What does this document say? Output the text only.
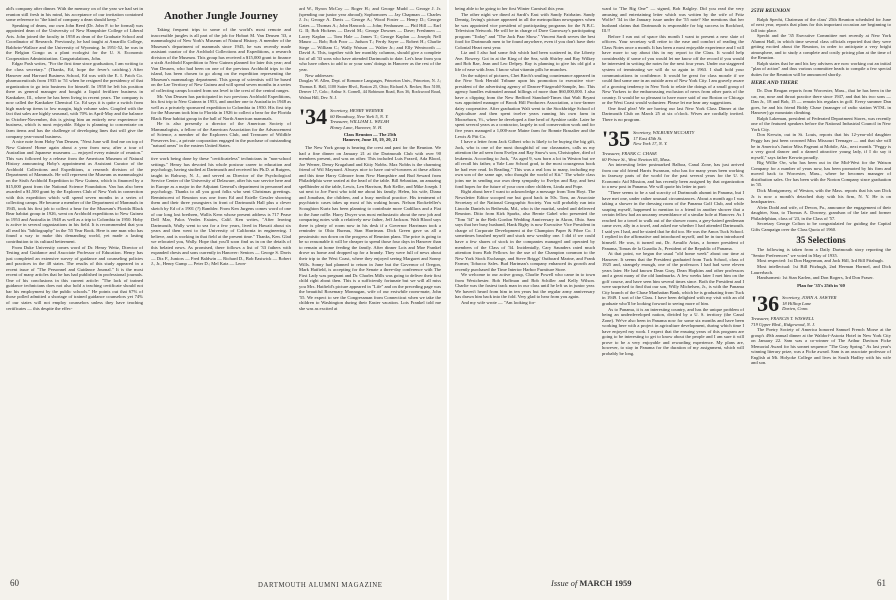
ald's company after dinner. With the memory on of the year we had set in reunion still fresh in his mind, his acceptance of our invitation contained some reference to "the kind of company a dean should keep."

Speaking of deans, our own John Reed (Dr. John F. to be formal) was appointed dean of the University of New Hampshire College of Liberal Arts. John joined the faculty in 1958 as dean of the Graduate School and Coordinator of Research. Previously, he had taught at Amarillo College, Baldwin-Wallace and the University of Wyoming. In 1951-52, he was in the Belgian Congo as a plant ecologist for the U. S. Economic Cooperation Administration. Congratulations, John.

Edgar Pash writes, "For the first time since graduation, I am writing to the class secretary." (Thanks, Ed, hope the fever's catching.) After Hanover and Harvard Business School, Ed was with the E. I. Patch Co. pharmaceuticals from 1935 to '51 when he resigned the presidency of that organization to go into business for himself. In 1958 he left his position there as general manager and bought a liquid fertilizer business in Kankakee, Ill., where he has been living in recent years. The company is now called the Kankakee Chemical Co. Ed says it is quite a switch from high mark-up items to low margin, high volume sales. Coupled with the fact that sales are highly seasonal, with 70% in April-May and the balance in October-November, this is giving him an entirely new experience in business, which is most enjoyable. Edgar is planning to concentrate on farm items and has the challenge of developing lines that will give the company year-round business.

A nice note from Hoby Van Deusen, "Next June will find me on top of New Guinea! Home again about a year from now, after a tour of Australian and Japanese museums — enjoyed every minute of reunion." This was followed by a release from the American Museum of Natural History announcing Hoby's appointment as Assistant Curator of the Archbold Collections and Expeditions, a research division of the Department of Mammals. He will represent the Museum as mammalogist on the Sixth Archbold Expedition to New Guinea, which is financed by a $15,000 grant from the National Science Foundation. Van has also been awarded a $1,500 grant by the Explorers Club of New York in connection with this expedition which will spend seven months in a series of collecting camps. He became a member of the Department of Mammals in 1945, took his first job to collect a bear for the Museum's Florida Black Bear habitat group in 1926, went on Archbold expeditions to New Guinea in 1953 and Australia in 1948 as well as a trip to Colombia in 1950. Hoby is active in several organizations in his field. It is recommended that you all read his "bibliography" in the '55 Year Book. Here is one man who has found a way to make this demanding world, yet made a lasting contribution to its cultural betterment.

From Duke University comes word of Dr. Henry Weitz, Director of Testing and Guidance and Associate Professor of Education. Henry has just completed an extensive survey of guidance and counseling policies and practices in the 48 states. The results of this study appeared in a recent issue of "The Personnel and Guidance Journal." It is the most recent of many articles that he has had published in professional journals. One of his conclusions in this current article: "The lack of trained guidance technicians does not also hold a teaching certificate should not bar his employment by the public schools." He points out that 67% of those polled admitted a shortage of trained guidance counselors yet 74% of our states will not employ counselors unless they have teaching certificates — this despite the effec-

Another Jungle Journey

Taking frequent trips to some of the world's most remote and inaccessible jungles is all part of the job for Hobart M. Van Deusen '33, a mammalogist of New York's Museum of Natural History. A member of the Museum's department of mammals since 1945, he was recently made assistant curator of the Archbold Collections and Expeditions, a research division of the Museum. This group has received a $15,000 grant to finance a sixth Archbold Expedition to New Guinea planned for later this year; and Van Deusen, who had been on one of the previous Archbold trips to the island, has been chosen to go along on the expedition representing the Museum's mammalogy department. This group of scientists will be based on the Lae Territory of New Guinea and will spend seven months in a series of collecting camps located from sea level to the crest of the central ranges.

Mr. Van Deusen has participated in two previous Archbold Expeditions, his first trip to New Guinea in 1953, and another one to Australia in 1948 as well as a privately sponsored expedition to Colombia in 1950. His first trip for the Museum took him to Florida in 1926 to collect a bear for the Florida Black Bear habitat group in the hall of North American mammals.

He is also presently a director of the American Society of Mammalogists, a fellow of the American Association for the Advancement of Science, a member of the Explorers Club, and Treasurer of Wildlife Preserves Inc., a private corporation engaged in the purchase of outstanding "natural areas" in the eastern United States.

tive work being done by these "certificateless" technicians in "non-school settings." Henry has devoted his whole postwar career to education and psychology, having studied at Dartmouth and received his Ph.D. at Rutgers, taught in Rahway, N. J., and served as Director of the Psychological Service Center of the University of Delaware, after his war service here and in Europe as a major in the Adjutant General's department in personnel and psychology. Thanks to all you good folks who sent Christmas greetings. Reminiscent of Reunion was one from Ed and Estelle Gessler showing them and their three youngsters in front of Dartmouth Hall plus a clever sketch by Ed of a 1901 (?) Rambler. From Ken Jurgens comes word of one of our long lost brethren, Wallis Kern whose present address is 717 Pease Dell Mar, Palos Verdes Estates, Calif. Ken writes, "After leaving Dartmouth, Wally went to sea for a few years, lived in Hawaii about six years and then went to the University of California in engineering. I believe, and is working in that field at the present time." Thanks, Ken. Glad we relocated you, Wally. Hope that you'll soon find us in on the details of this belated news. As promised, there follows a list of '33 fathers with expanded chests and sons currently in Hanover: Seniors — George S. Davis — Dix F., Juniors — Fred Baldwin — Richard D., Bob Eastwick — Robert J., Jr., Henry Gump — Peter D.; Mel Katz — Leon-

ard W., Byron McCoy — Roger H.; and George Mudd — George J. Jr. (spending our junior year abroad); Sophomores — Jay Chapman — Charles J. Jr.; George A. Davis — George A.; Wood Foster — Henry D.; George Gates — Thomas A.; John Hancock — John; Fenhausen — Phil Hill — Earl G. II; Bob Hickens — David M.; George Downes — Dave; Freshmen — Lacey Kaplan — Tom Hale — James T.; George Kaplan — Joseph; Nell Mauro — Bob; Bob Poor — Judson T.; Ferdy Sayre — Robert H.; Charlie Stege — William C.; Wally Watson — Walter Jr.; and Elly Wentworth — David A. This, together with her monthly columns, should give a complete list of all '33 sons who have attended Dartmouth to date. Let's hear from you who have others to add to or your sons' doings in Hanover as the rest of the year.

New addresses:

Douglas W. Allen, Dept. of Romance Languages, Princeton Univ., Princeton, N. J.; Thomas E. Hall, 1100 Sutter Blvd., Boston 25, Ohio; Richard A. Recker, Box 5100, Denver 17, Colo.; Arthur S. Cornell, 44 Robinson Road, Box 36, Rockwood Road, Walnut Hill, Dev. N. J.

'34 Secretary, HENRY WERNER
60 Broadway, New York 5, N. Y.
Treasurer, WILLIAM L. WELSH
Honey Lane, Hanover, N. H.
Class Reunion — The 25th
Hanover, June 18, 19, 20, 21

The New York group is bearing the crest and pant for the Reunion. We had a fine dinner on January 21 at the Dartmouth Club with over 90 members present, and was on other. This included Luis Fraxeil, Ada Blood, Joe Werner, Denry Kragalund and Kitty Nobbs. Max Nobbs is the charming friend of Wil Maynard. Always nice to have out-of-towners at these affairs and this time Harry Gilmore from New Hampshire and Bud Seward from Philadelphia were seated at the head of the table. Bill Sebastian, an amazing spellbinder at the table, Lewis, Len Harrison, Bob Kellie, and Mike Joseph. I sat next to Joe Furst who told me about his family. Helen, his wife, Diana and Jonathan, the children, and a busy medical practice. His treatment of psychiatric cases takes up most of his waking hours. Nelson Rockefeller's Scoughton Kurtz has been planning to contribute more Cadillacs and a Fiat to the June raffle. Harry Dwyer was most enthusiastic about the new job and comparing notes with a relatively new father, Jeff Jackson. Walt Blood says there is plenty of room now in his desk if a Governor Harriman took a reminder to Ohio Bureau, Stan Harriman. Dick Green gave us all a pessimistic run down on the progress of Reunion plans. The price is going to be so reasonable it will be cheaper to spend those four days in Hanover than to remain at home feeding the family. After dinner Lois and Moe Frankel drove us home and dropped up for a brandy. They were full of news about their trip to the West Coast, where they enjoyed seeing Margaret and Sonny Wills. Sonny had planned to return in June but the Governor of Oregon, Mark Hatfield, is accepting for the Senate a three-day conference with The First Lady was pregnant and Dr. Charles Mills was going to deliver their first child right about then. This is a sufficiently fortunate but we will all miss you Mrs. Hatfield's picture appeared in "Life" and on the preceding page was the beautiful Rosemary Monnagan, wife of our erstwhile room-mate, John '55. We expect to see the Congressman from Connecticut when we take the children to Washington during their Easter vacation. Lois Frankel told me she was as excited at

60	DARTMOUTH ALUMNI MAGAZINE

being able to be going to her first Winter Carnival this year.

The other night we dined at Sardi's East with Sandy Fairbairn. Sandy Dennig, Irving's picture appeared in all the metropolitan newspapers when he was appointed vice president of participating programs for the N.B.C. Television Network. He will be in charge of Dave Garroway's participating program "Today" and "The Jack Paar Show." Vincent Sardi serves the best food for Dartmouth men to be found anywhere, even if you don't have their Colonial Heart next year.

Liz and I also had some fish which had been scattered in, the Liberty Ave. Bowery. Got in at the King of the Sea, with Shirley and Ray Wilkey and Bob Rae, Jean and Leo Delpey. Ray is planning to give his old girl a life of ease with Jean. I know what vitamin pills he munches.

On the subject of pictures, Chet Birch's smiling countenance appeared in the New York Herald Tribune upon his promotion to executive vice-president of the advertising agency of Dancer-Fitzgerald-Sample, Inc. This agency handles estimated annual billings of more than $60,000,000. I also have a clipping from the New Bedford Standard-Times that Walt Bryant was appointed manager of Brook Hill Producers Association, a two-farmer dairy cooperative. After graduation Walt went to the Stockbridge School of Agriculture and then spent twelve years running his own farm in Moosehorn, Vt., where he developed a fine herd of Ayrshire cattle. Later he spent several years as a contractor, largely in soil conservation work and for five years managed a 1,000-acre Maine farm for Bonnie Brasalier and the Lewis & Pitt Co.

I have a letter from Jack Gilbert who is likely to be buying the big gift, Jack, who is one of the most thoughtful of our classmates, calls us my attention the ad seen from Evelyn and Ray Snow's son, Christopher, died of leukemia. According to Jack, "As aged 9, was born a lot in Weston but we all recall his father, a Yale Law School grad, to the most courageous book he had ever read. In Reading." This was a real loss to many, including my own son of the same age, who thought the world of Kit." The whole class joins me in sending our own deep sympathy to Evelyn and Ray, and best fond hopes for the future of your own other children, Linda and Pope.

Right about here I want to acknowledge a message from Tom Hoyt. The Newsletter Editor scooped me but good back in 50s. Tom, an Associate Secretary of the National Geographic Society. You will probably run into Lincoln Daniels in Bethesda, Md., who is the marital, sealed and delivered Reunion. Ditto from Kirk Sparks, also Bernie Gabel who presented the "Tom '34" in the Beth Gordon Wedding Anniversary in Akron, Ohio. Sam says that her busy husband, Hank Rigby is now Executive Vice President in charge of Corporate Development at the Champion Paper & Fibre Co. I sometimes brushed myself and stuck new wealthy one. I did if we could have a few shares of stock in the companies managed and operated by members of the Class of '34. Incidentally, Cary Saunders rated much attention from Bob Fellows for the use of the Champion common to the New York Stock Exchange, and Steve Briggs' Outboard Marine, and Frank Farmer, Tobacco Sales. Bud Hartman's company enhanced its growth and recently purchased the Time Interior Harbor Furniture Store.

We welcome to our active group, Charlie Powell who came in to town from Westchester. Bob Hoffman and Bob Schiller and Kelly Wilson. Charlie was the fastest track man in our class until he left us in junior year. We haven't heard from him in ten years but the regular army anniversary has drawn him back into the fold. Very glad to hear from you again.

And my wife wrote — "Am looking for-

ward to 'The Big One'" — signed, Bob Balgley. Did you read the very amusing and entertaining letter which was written by the wife of Fritz Wolfe? '34 in the January issue under the '55 note? She mentions that her husband claims that Dartmouth is responsible for big success in Rockford, Ill.!!

Before I run out of space this month I want to present a new slate of officers. Your secretary will retire to the ease and comfort of reading the Class Notes once a month. It has been a most enjoyable experience and I will have more to say about this in my report to the Class. It would help considerably if some of you would let me know off the record if you would be interested in writing the notes for the next four years. Under our staggered system of terminating we will do so again in 1963. I shall hold your communications in confidence. It would be great for class morale if we could find some one in an outside area of New York City. I am gravely aware of a growing tendency in New York to relate the doings of a small group of New Yorkers to the embarrassing exclusion of news from other parts of the country. It would be so pleasant to have more said of our Boston or Chicago or the West Coast would volunteer. Please let me hear any suggestions.

One final plea! We are having our last New York Class Dinner at the Dartmouth Club on March 25 at six o'clock. Wives are cordially invited. There is no program.

'35 Secretary, WILBURN MCCARTY
17 East 45th St.
New York 17, N. Y.
Treasurer, FRANK C. CHASE
60 Prince St., West Newton 65, Mass.

An interesting letter postmarked Balboa, Canal Zone, has just arrived from our old friend Harris Swanson, who has for many years been working in faraway parts of the world for the past several years for the U. S. Economic Aid Mission, and has recently been assigned by that organization to a new post in Panama. We will quote his letter in part:

"There seems to be a sad scarcity of Dartmouth alumni in Panama, but I have met one, under rather unusual circumstances. About a month ago I was taking a shower in the dressing room of the Panama Golf Club, and while soaping myself, happened to mention to a friend in another shower that a certain fellow had an uncanny resemblance of a similar hole at Hanover. As I reached for a towel to walk out of the shower room, a grey-haired gentleman came over, ally in a towel, and asked me whether I had attended Dartmouth. I said yes I had, and he stated that he did too. He was the Amos Tuck School. I replied in the affirmative and introduced myself, and he in turn introduced himself. He was, it turned out, Dr. Arnulfo Arias, a former president of Panama, Tomas de la Guardia Jr., President of the Republic of Panama.

At that point, we began the usual "old home week" about our time at Hanover. It seems that the President graduated from Tuck School, class of 1925 and, strangely enough, one of the professors I had had were eleven years later. He had known Dean Gray, Dean Hopkins and other professors and a great many of the old landmarks. A few weeks later I met him on the golf course, and have seen him several times since. Both the President and I were surprised to find that our son, Willy Michelsen, Jr., is with the Panama City branch of the Chase Manhattan Bank, which he is graduating from Tuck in 1949. I sort of the Class. I have been delighted with my visit with an old graduate who'll be looking forward to seeing more of him.

As to Panama, it is an interesting country, and has the unique problem of being an underdeveloped nation, divided by a U. S. territory (the Canal Zone). We've also been in Panama now for some six months and have been working here with a project in agriculture development, during which time I have enjoyed my work. I expect that the ensuing years of this program are going to be interesting to get to know about the people and I am sure it will prove to be a very enjoyable and rewarding experience. My plans are, however, to stay in Panama for the duration of my assignment, which will probably be long.

25TH REUNION

Ralph Specht, Chairman of the class' 25th Reunion scheduled for June of next year, reports that plans for this important occasion are beginning to fall into place.

Specht and the '35 Executive Committee met recently at New York Alumni Hall, in which time several class officials reported that they were getting excited about the Reunion, in order to anticipate a very bright atmosphere, and to study a complete and costly pricing plan at the time of the Reunion.

Ralph states that he and his key advisers are now working out an initial "plan of action" and thus various committee heads to compile a few special duties for the Reunion will be announced shortly.

HERE AND THERE

Dr. Don Reagan reports from Worcester, Mass., that he has been in the car, ear, nose and throat practice there since 1947, and that his two sons — Dan Jr., 18 and Bob, 15 — remain his regulars in golf. Every summer Dan goes, he and his friend Biddy Chase (manager of radio station WTSL in Hanover) go mountain climbing.

Ralph Lakeman, president of Federated Department Stores, was recently one of the featured speakers before the National Industrial Council in New York City.

Don Kerwin, out in St. Louis, reports that his 12-year-old daughter Peggy has just been crowned Miss Missouri Teenager — and that she will be in America's Junior Miss Pageant at Mobile, Ala., next month. "Peggy is a very good dancer and a darned attractive young lady, if I do say it myself," says father Kerwin proudly.

Big Willie Orr, who has been out in the Mid-West for the Watson Company for a number of years now, has been promoted by his firm and moved back to Worcester, Mass., where he becomes manager of distribution sales. Orr has been with the Norton Company since graduation in '35.

Dick Montgomery, of Weston, with the Mass. reports that his son Dick Jr. is now a month's detached duty with his firm, N. Y. He is on headquarters.

Alvin Dodd and wife, of Devon, Pa., announce the engagement of their daughter, Sara, to Thomas A. Downey, grandson of the late and former Philadelphian, class of '23, in the Class of '57.

Secretary George Colton to be congratulated for guiding the Capital Gifts Campaign over the Class Quota of 1960.

35 Selections

The following is taken from a Daily Dartmouth story reporting the "Senior Preferences" we voted in May of 1935.

Most respected: 1st Don Hagerman, and Jack Hill, 3rd Bill Fitzhugh.

Most intellectual: 1st Bill Fitzhugh, 2nd Herman Hormel, and Dick Laurerbach.

Handsomest: 1st Stan Karlen, and Don Rogers, 3rd Don Fraser.

Plan for '35's 25th in '60
'36 Secretary, JOHN A. SAWYER
18 Hilltop Lane
Darien, Conn.
Treasurer, FRANCIS T. WISWELL
719 Upper Blvd., Ridgewood, N. J.

The Poetry Society of America honored Samuel French Morse at the group's 49th annual dinner at the Waldorf-Astoria Hotel in New York City on January 22. Sam was a co-winner of The Arthur Davison Ficke Memorial Award for his sonnet sequence "The Gray Spring." As last year's winning literary prize, was a Ficke award. Sam is an associate professor of English at Mt. Holyoke College and lives in South Hadley with his wife and son.

Issue of MARCH 1959	61
